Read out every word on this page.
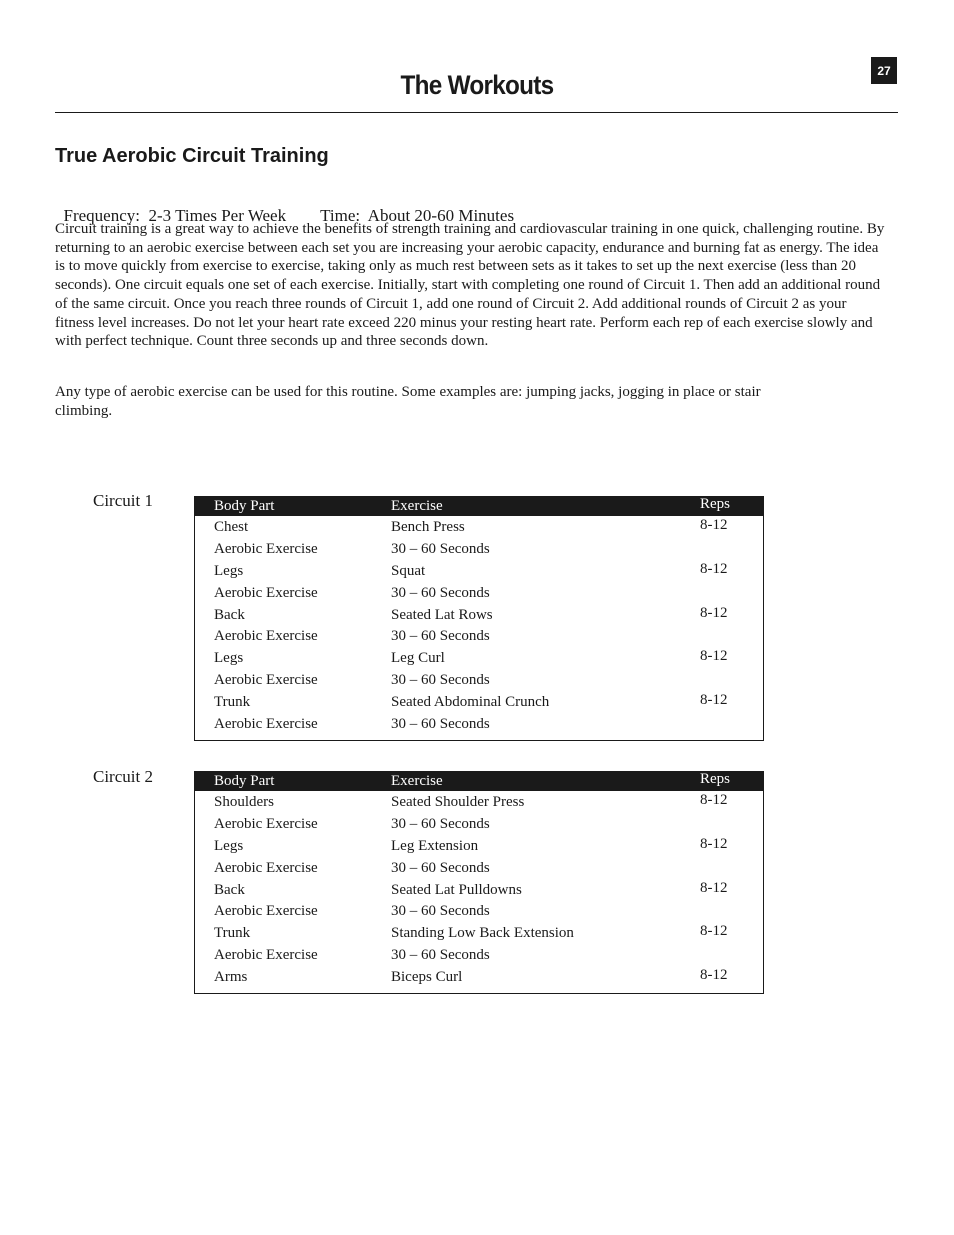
27
The Workouts
True Aerobic Circuit Training

Frequency:  2-3 Times Per Week Time:  About 20-60 Minutes

Circuit training is a great way to achieve the benefits of strength training and cardiovascular training in one quick, challenging routine. By returning to an aerobic exercise between each set you are increasing your aerobic capacity, endurance and burning fat as energy. The idea is to move quickly from exercise to exercise, taking only as much rest between sets as it takes to set up the next exercise (less than 20 seconds). One circuit equals one set of each exercise. Initially, start with completing one round of Circuit 1. Then add an additional round of the same circuit. Once you reach three rounds of Circuit 1, add one round of Circuit 2. Add additional rounds of Circuit 2 as your fitness level increases. Do not let your heart rate exceed 220 minus your resting heart rate. Perform each rep of each exercise slowly and with perfect technique. Count three seconds up and three seconds down.

Any type of aerobic exercise can be used for this routine. Some examples are: jumping jacks, jogging in place or stair climbing.

Circuit 1	Body Part	Exercise	Reps
Chest	Bench Press	8-12
Aerobic Exercise	30 – 60 Seconds
Legs	Squat	8-12
Aerobic Exercise	30 – 60 Seconds
Back	Seated Lat Rows	8-12
Aerobic Exercise	30 – 60 Seconds
Legs	Leg Curl	8-12
Aerobic Exercise	30 – 60 Seconds
Trunk	Seated Abdominal Crunch	8-12
Aerobic Exercise	30 – 60 Seconds
Circuit 2	Body Part	Exercise	Reps
Shoulders	Seated Shoulder Press	8-12
Aerobic Exercise	30 – 60 Seconds
Legs	Leg Extension	8-12
Aerobic Exercise	30 – 60 Seconds
Back	Seated Lat Pulldowns	8-12
Aerobic Exercise	30 – 60 Seconds
Trunk	Standing Low Back Extension	8-12
Aerobic Exercise	30 – 60 Seconds
Arms	Biceps Curl	8-12
